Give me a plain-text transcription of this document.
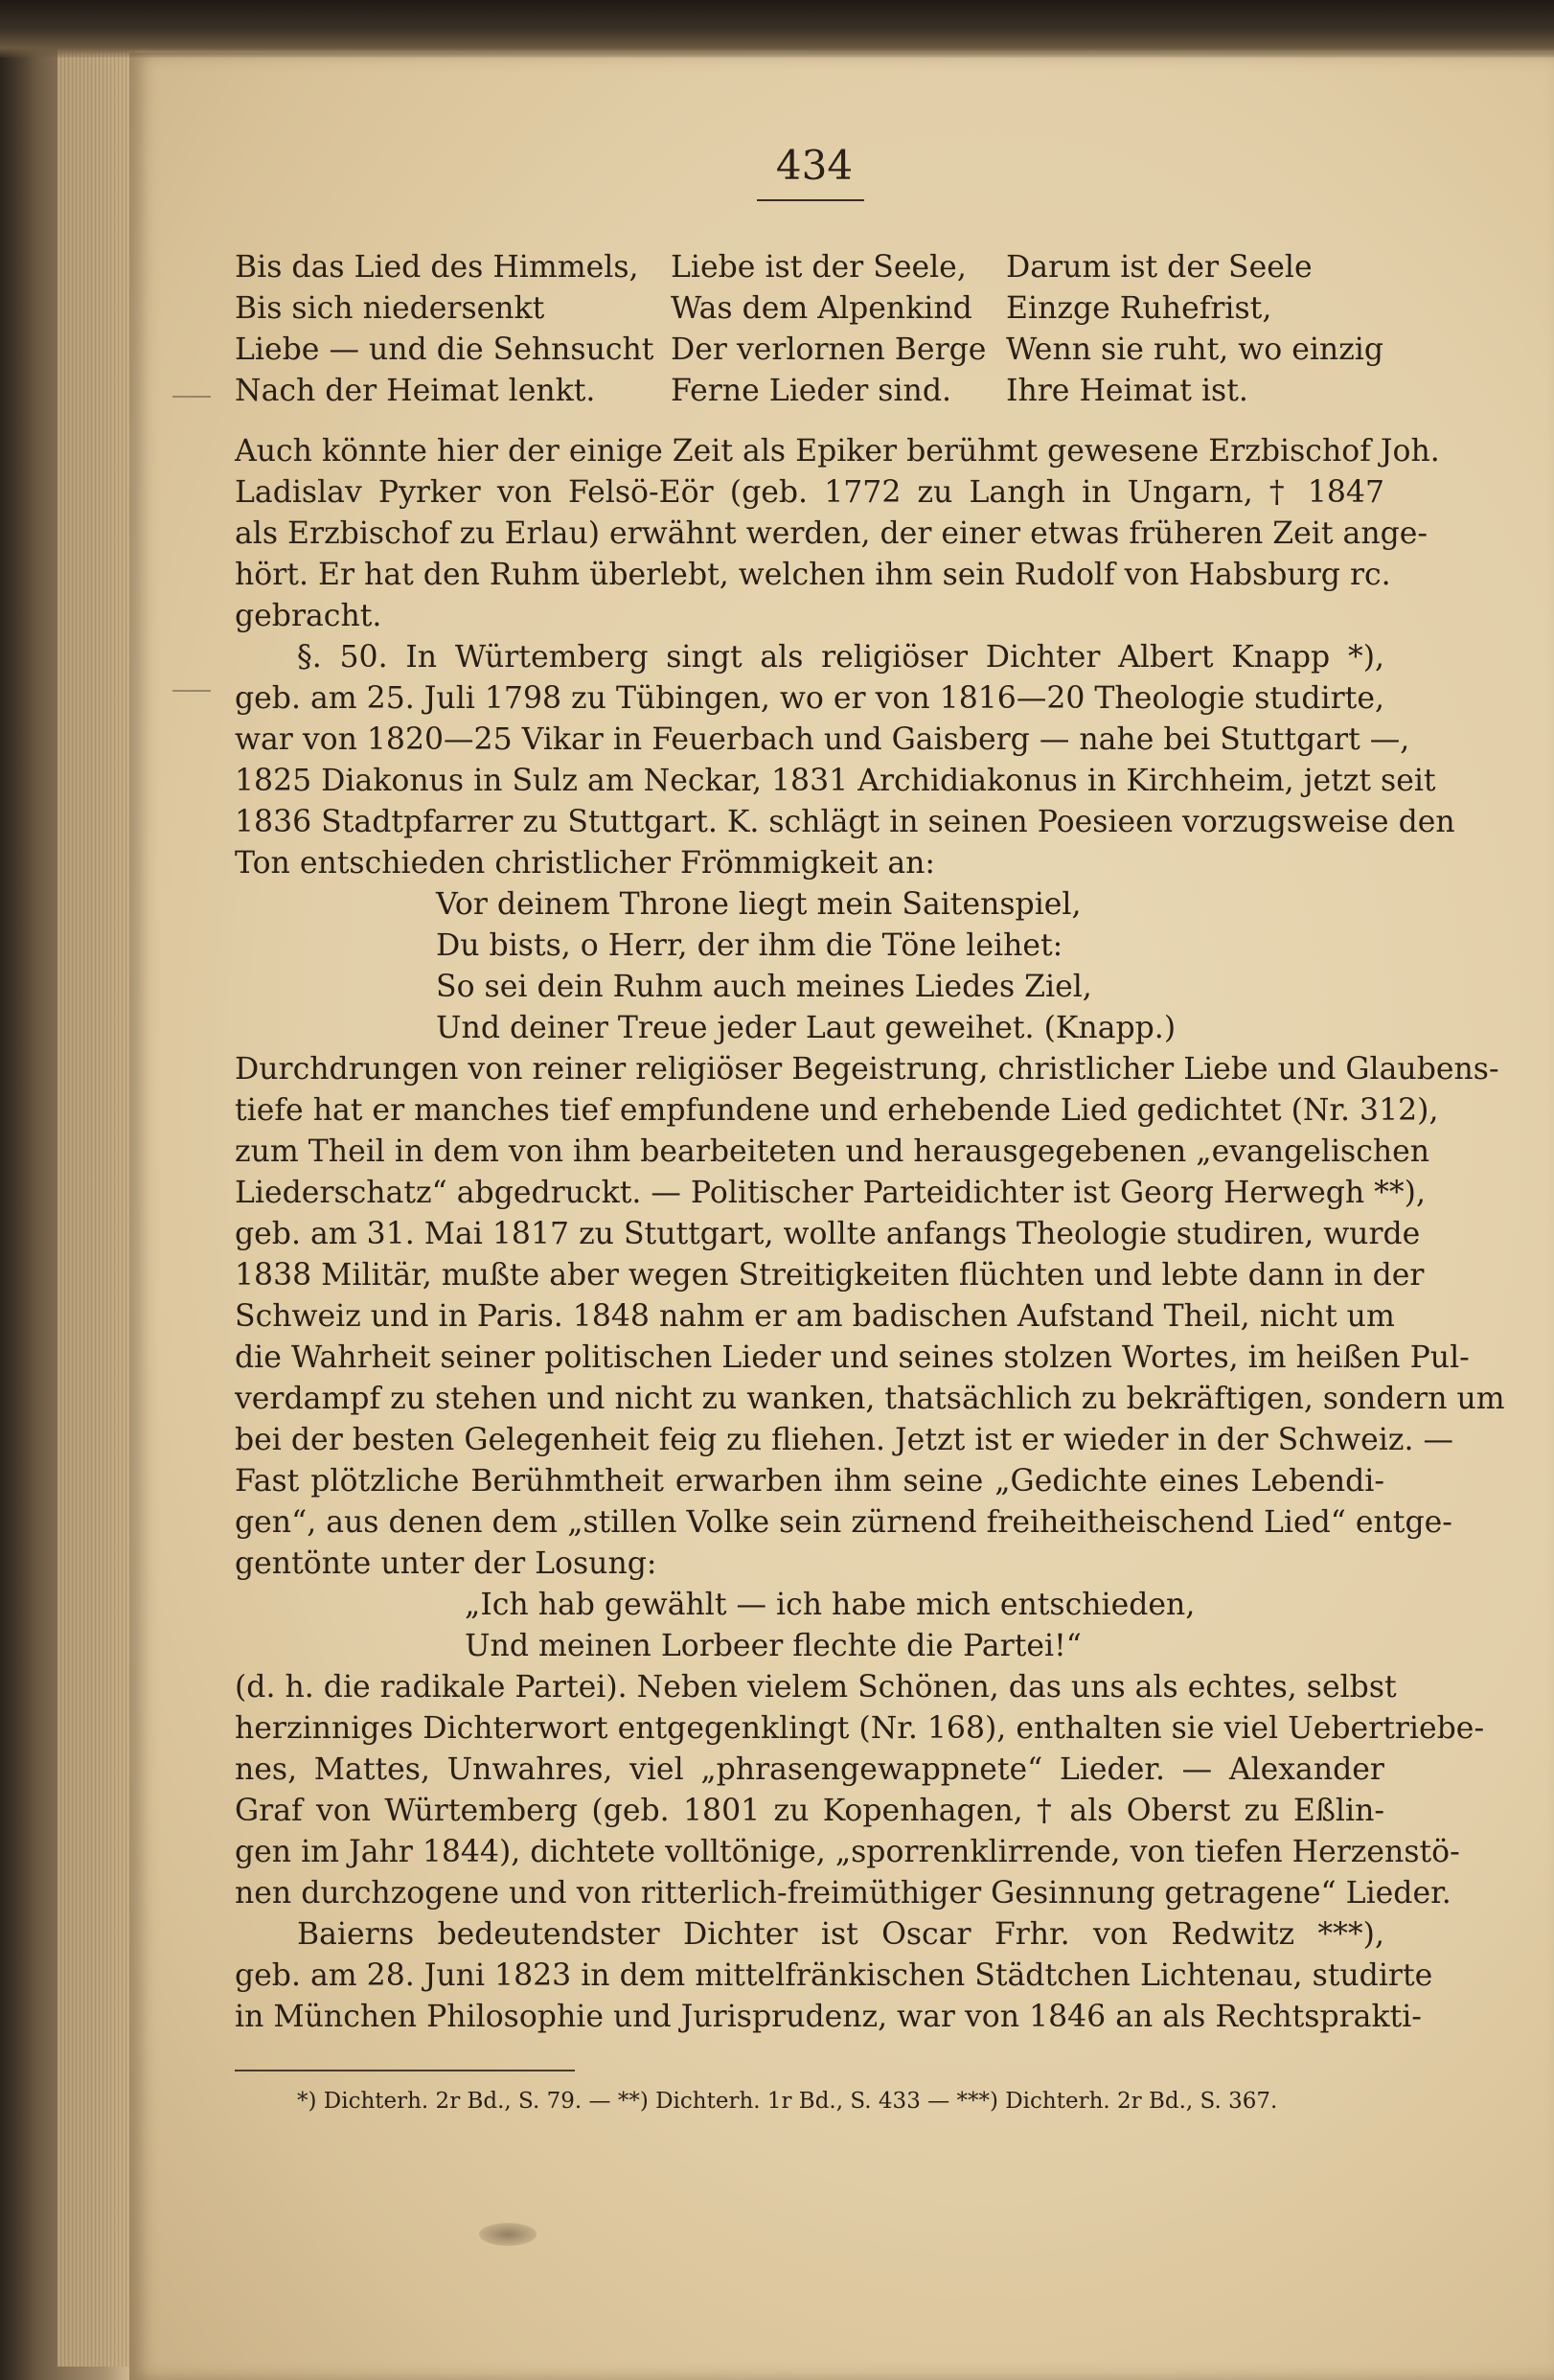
434
Bis das Lied des Himmels,
Bis sich niedersenkt
Liebe — und die Sehnsucht
Nach der Heimat lenkt.
Liebe ist der Seele,
Was dem Alpenkind
Der verlornen Berge
Ferne Lieder sind.
Darum ist der Seele
Einzge Ruhefrist,
Wenn sie ruht, wo einzig
Ihre Heimat ist.
Auch könnte hier der einige Zeit als Epiker berühmt gewesene Erzbischof Joh.
Ladislav Pyrker von Felsö-Eör (geb. 1772 zu Langh in Ungarn, † 1847
als Erzbischof zu Erlau) erwähnt werden, der einer etwas früheren Zeit ange-
hört. Er hat den Ruhm überlebt, welchen ihm sein Rudolf von Habsburg rc.
gebracht.
§. 50. In Würtemberg singt als religiöser Dichter Albert Knapp *),
geb. am 25. Juli 1798 zu Tübingen, wo er von 1816—20 Theologie studirte,
war von 1820—25 Vikar in Feuerbach und Gaisberg — nahe bei Stuttgart —,
1825 Diakonus in Sulz am Neckar, 1831 Archidiakonus in Kirchheim, jetzt seit
1836 Stadtpfarrer zu Stuttgart. K. schlägt in seinen Poesieen vorzugsweise den
Ton entschieden christlicher Frömmigkeit an:
Vor deinem Throne liegt mein Saitenspiel,
Du bists, o Herr, der ihm die Töne leihet:
So sei dein Ruhm auch meines Liedes Ziel,
Und deiner Treue jeder Laut geweihet. (Knapp.)
Durchdrungen von reiner religiöser Begeistrung, christlicher Liebe und Glaubens-
tiefe hat er manches tief empfundene und erhebende Lied gedichtet (Nr. 312),
zum Theil in dem von ihm bearbeiteten und herausgegebenen „evangelischen
Liederschatz“ abgedruckt. — Politischer Parteidichter ist Georg Herwegh **),
geb. am 31. Mai 1817 zu Stuttgart, wollte anfangs Theologie studiren, wurde
1838 Militär, mußte aber wegen Streitigkeiten flüchten und lebte dann in der
Schweiz und in Paris. 1848 nahm er am badischen Aufstand Theil, nicht um
die Wahrheit seiner politischen Lieder und seines stolzen Wortes, im heißen Pul-
verdampf zu stehen und nicht zu wanken, thatsächlich zu bekräftigen, sondern um
bei der besten Gelegenheit feig zu fliehen. Jetzt ist er wieder in der Schweiz. —
Fast plötzliche Berühmtheit erwarben ihm seine „Gedichte eines Lebendi-
gen“, aus denen dem „stillen Volke sein zürnend freiheitheischend Lied“ entge-
gentönte unter der Losung:
„Ich hab gewählt — ich habe mich entschieden,
Und meinen Lorbeer flechte die Partei!“
(d. h. die radikale Partei). Neben vielem Schönen, das uns als echtes, selbst
herzinniges Dichterwort entgegenklingt (Nr. 168), enthalten sie viel Uebertriebe-
nes, Mattes, Unwahres, viel „phrasengewappnete“ Lieder. — Alexander
Graf von Würtemberg (geb. 1801 zu Kopenhagen, † als Oberst zu Eßlin-
gen im Jahr 1844), dichtete volltönige, „sporrenklirrende, von tiefen Herzenstö-
nen durchzogene und von ritterlich-freimüthiger Gesinnung getragene“ Lieder.
Baierns bedeutendster Dichter ist Oscar Frhr. von Redwitz ***),
geb. am 28. Juni 1823 in dem mittelfränkischen Städtchen Lichtenau, studirte
in München Philosophie und Jurisprudenz, war von 1846 an als Rechtsprakti-
*) Dichterh. 2r Bd., S. 79. — **) Dichterh. 1r Bd., S. 433 — ***) Dichterh. 2r Bd., S. 367.
